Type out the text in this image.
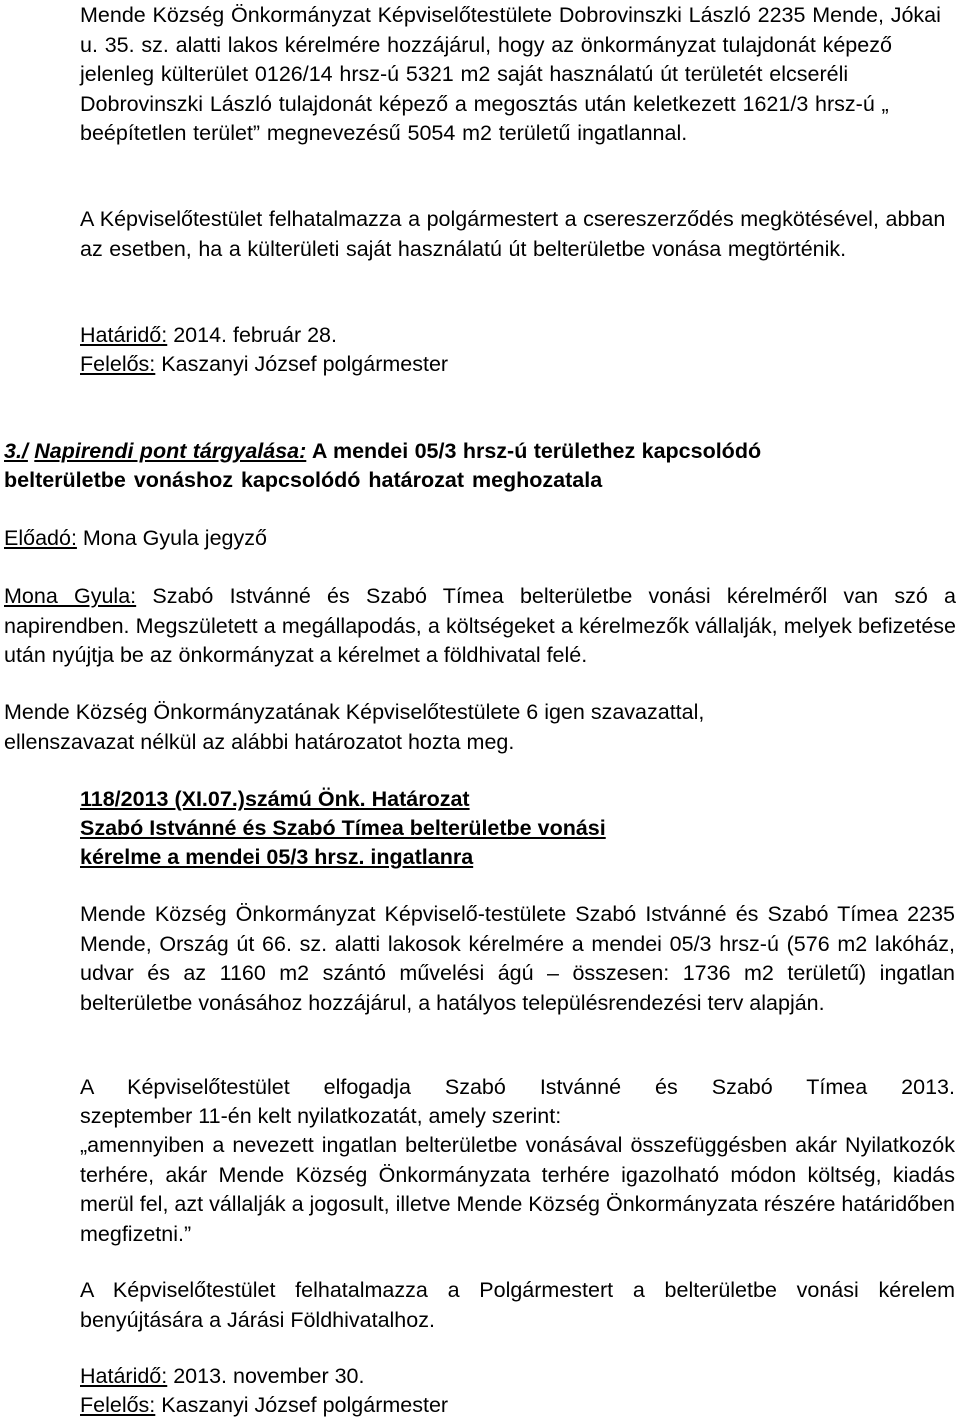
Mende Község Önkormányzat Képviselőtestülete Dobrovinszki László 2235 Mende, Jókai u. 35. sz. alatti lakos kérelmére hozzájárul, hogy az önkormányzat tulajdonát képező jelenleg külterület 0126/14 hrsz-ú 5321 m2 saját használatú út területét elcseréli Dobrovinszki László tulajdonát képező a megosztás után keletkezett 1621/3 hrsz-ú „ beépítetlen terület” megnevezésű 5054 m2 területű ingatlannal.

A Képviselőtestület felhatalmazza a polgármestert a csereszerződés megkötésével, abban az esetben, ha a külterületi saját használatú út belterületbe vonása megtörténik.

Határidő: 2014. február 28.

Felelős: Kaszanyi József polgármester

3./ Napirendi pont tárgyalása: A mendei 05/3 hrsz-ú területhez kapcsolódó

belterületbe vonáshoz kapcsolódó határozat meghozatala

Előadó: Mona Gyula jegyző

Mona Gyula: Szabó Istvánné és Szabó Tímea belterületbe vonási kérelméről van szó a napirendben. Megszületett a megállapodás, a költségeket a kérelmezők vállalják, melyek befizetése után nyújtja be az önkormányzat a kérelmet a földhivatal felé.

Mende Község Önkormányzatának Képviselőtestülete 6 igen szavazattal, ellenszavazat nélkül az alábbi határozatot hozta meg.

118/2013 (XI.07.)számú Önk. Határozat

Szabó Istvánné és Szabó Tímea belterületbe vonási

kérelme a mendei 05/3 hrsz. ingatlanra

Mende Község Önkormányzat Képviselő-testülete Szabó Istvánné és Szabó Tímea 2235 Mende, Ország út 66. sz. alatti lakosok kérelmére a mendei 05/3 hrsz-ú (576 m2 lakóház, udvar és az 1160 m2 szántó művelési ágú – összesen: 1736 m2 területű) ingatlan belterületbe vonásához hozzájárul, a hatályos településrendezési terv alapján.

A Képviselőtestület elfogadja Szabó Istvánné és Szabó Tímea 2013.

szeptember 11-én kelt nyilatkozatát, amely szerint:

„amennyiben a nevezett ingatlan belterületbe vonásával összefüggésben akár Nyilatkozók terhére, akár Mende Község Önkormányzata terhére igazolható módon költség, kiadás merül fel, azt vállalják a jogosult, illetve Mende Község Önkormányzata részére határidőben megfizetni.”

A Képviselőtestület felhatalmazza a Polgármestert a belterületbe vonási kérelem benyújtására a Járási Földhivatalhoz.

Határidő: 2013. november 30.

Felelős: Kaszanyi József polgármester
